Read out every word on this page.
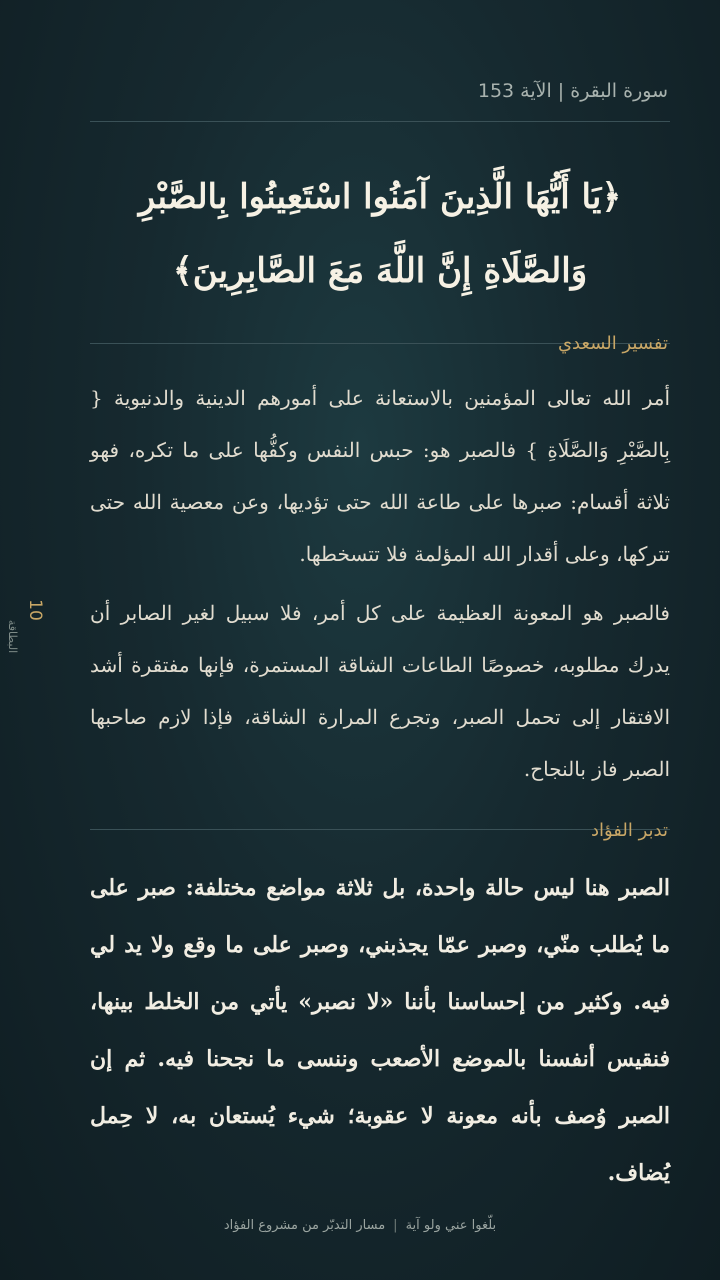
سورة البقرة | الآية 153
﴿يَا أَيُّهَا الَّذِينَ آمَنُوا اسْتَعِينُوا بِالصَّبْرِ وَالصَّلَاةِ إِنَّ اللَّهَ مَعَ الصَّابِرِينَ﴾
تفسير السعدي
أمر الله تعالى المؤمنين بالاستعانة على أمورهم الدينية والدنيوية { بِالصَّبْرِ وَالصَّلَاةِ } فالصبر هو: حبس النفس وكفُّها على ما تكره، فهو ثلاثة أقسام: صبرها على طاعة الله حتى تؤديها، وعن معصية الله حتى تتركها، وعلى أقدار الله المؤلمة فلا تتسخطها.
فالصبر هو المعونة العظيمة على كل أمر، فلا سبيل لغير الصابر أن يدرك مطلوبه، خصوصًا الطاعات الشاقة المستمرة، فإنها مفتقرة أشد الافتقار إلى تحمل الصبر، وتجرع المرارة الشاقة، فإذا لازم صاحبها الصبر فاز بالنجاح.
تدبر الفؤاد
الصبر هنا ليس حالة واحدة، بل ثلاثة مواضع مختلفة: صبر على ما يُطلب منّي، وصبر عمّا يجذبني، وصبر على ما وقع ولا يد لي فيه. وكثير من إحساسنا بأننا «لا نصبر» يأتي من الخلط بينها، فنقيس أنفسنا بالموضع الأصعب وننسى ما نجحنا فيه. ثم إن الصبر وُصف بأنه معونة لا عقوبة؛ شيء يُستعان به، لا حِمل يُضاف.
10
البطاقة
بلّغوا عني ولو آية|مسار التدبّر من مشروع الفؤاد
